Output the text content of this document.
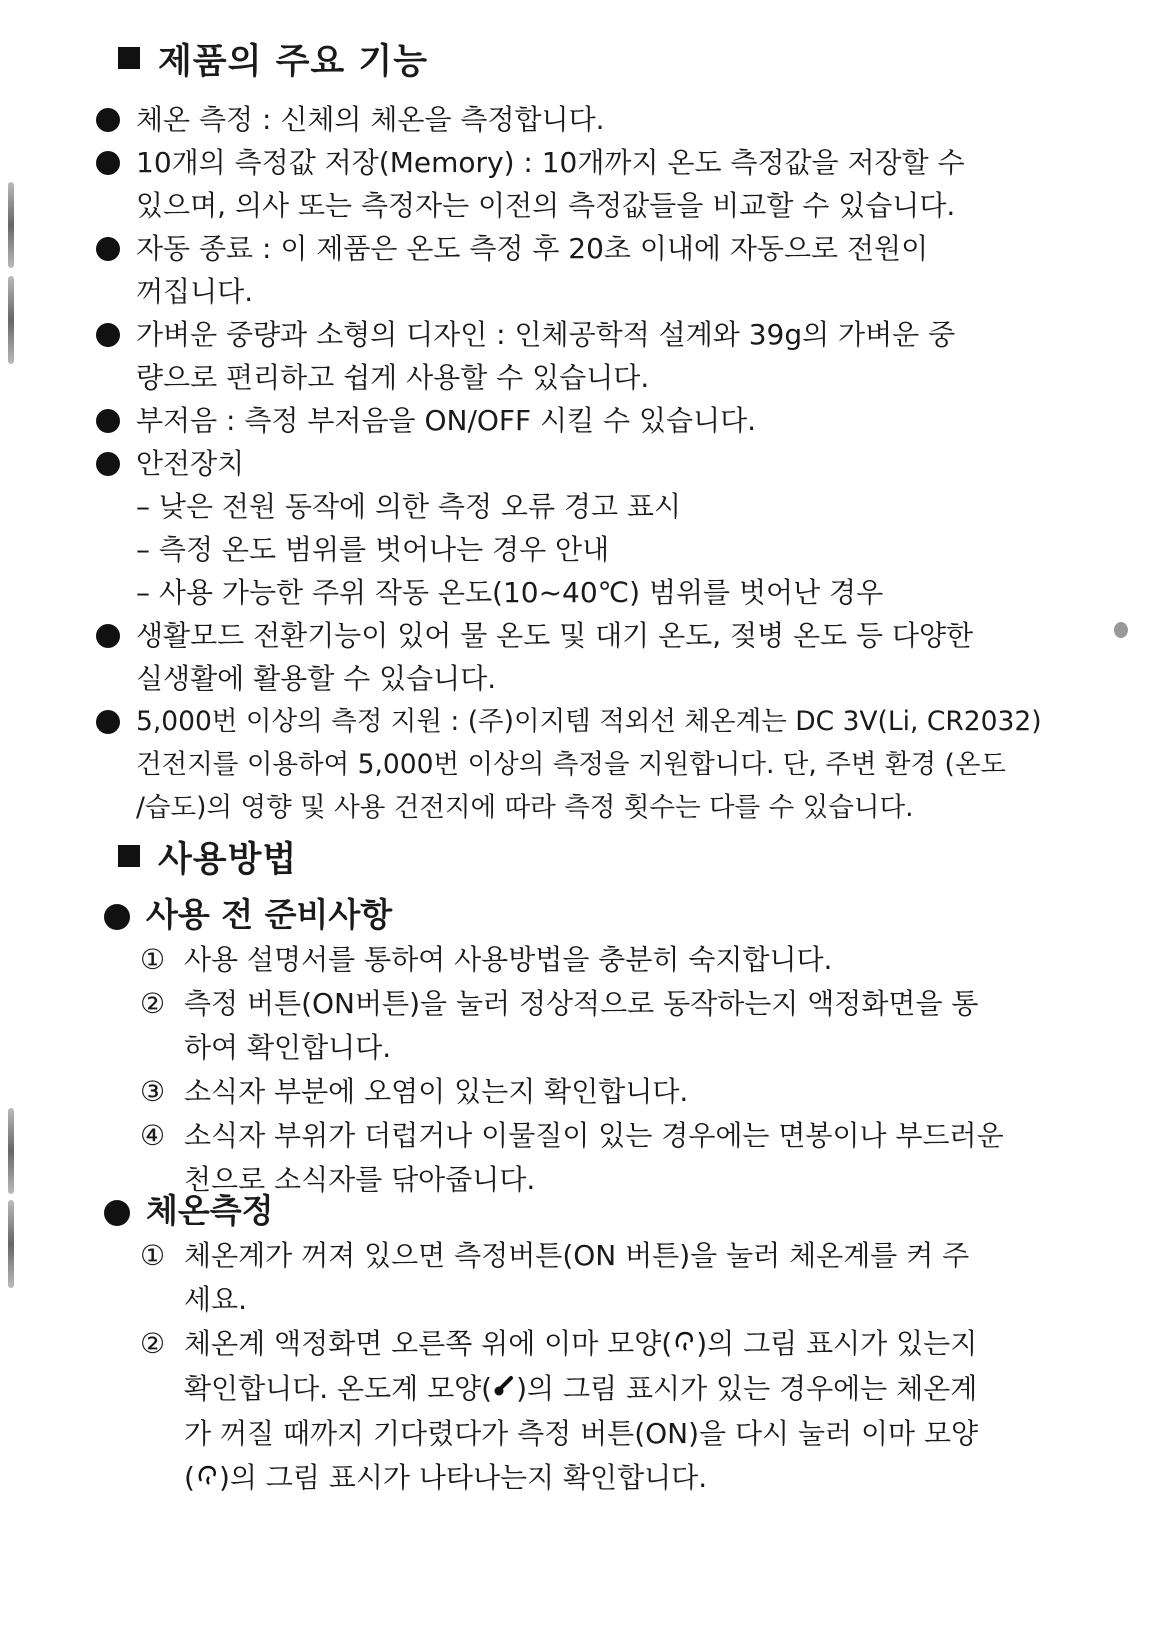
제품의 주요 기능
체온 측정 : 신체의 체온을 측정합니다.
10개의 측정값 저장(Memory) : 10개까지 온도 측정값을 저장할 수
있으며, 의사 또는 측정자는 이전의 측정값들을 비교할 수 있습니다.
자동 종료 : 이 제품은 온도 측정 후 20초 이내에 자동으로 전원이
꺼집니다.
가벼운 중량과 소형의 디자인 : 인체공학적 설계와 39g의 가벼운 중
량으로 편리하고 쉽게 사용할 수 있습니다.
부저음 : 측정 부저음을 ON/OFF 시킬 수 있습니다.
안전장치
– 낮은 전원 동작에 의한 측정 오류 경고 표시
– 측정 온도 범위를 벗어나는 경우 안내
– 사용 가능한 주위 작동 온도(10~40℃) 범위를 벗어난 경우
생활모드 전환기능이 있어 물 온도 및 대기 온도, 젖병 온도 등 다양한
실생활에 활용할 수 있습니다.
5,000번 이상의 측정 지원 : (주)이지템 적외선 체온계는 DC 3V(Li, CR2032)
건전지를 이용하여 5,000번 이상의 측정을 지원합니다. 단, 주변 환경 (온도
/습도)의 영향 및 사용 건전지에 따라 측정 횟수는 다를 수 있습니다.
사용방법
사용 전 준비사항
① 사용 설명서를 통하여 사용방법을 충분히 숙지합니다.
② 측정 버튼(ON버튼)을 눌러 정상적으로 동작하는지 액정화면을 통
하여 확인합니다.
③ 소식자 부분에 오염이 있는지 확인합니다.
④ 소식자 부위가 더럽거나 이물질이 있는 경우에는 면봉이나 부드러운
천으로 소식자를 닦아줍니다.
체온측정
① 체온계가 꺼져 있으면 측정버튼(ON 버튼)을 눌러 체온계를 켜 주
세요.
② 체온계 액정화면 오른쪽 위에 이마 모양( )의 그림 표시가 있는지
확인합니다. 온도계 모양( )의 그림 표시가 있는 경우에는 체온계
가 꺼질 때까지 기다렸다가 측정 버튼(ON)을 다시 눌러 이마 모양
( )의 그림 표시가 나타나는지 확인합니다.
